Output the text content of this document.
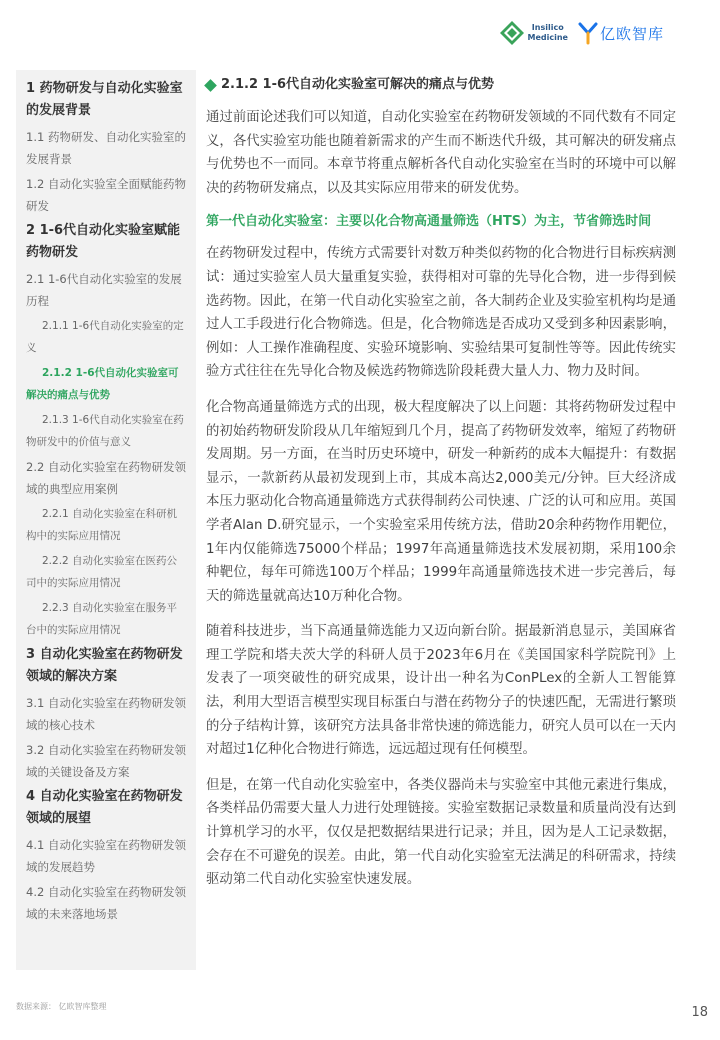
Insilico
Medicine 亿欧智库
1 药物研发与自动化实验室的发展背景
1.1 药物研发、自动化实验室的发展背景
1.2 自动化实验室全面赋能药物研发
2 1-6代自动化实验室赋能药物研发
2.1 1-6代自动化实验室的发展历程
2.1.1 1-6代自动化实验室的定义
2.1.2 1-6代自动化实验室可解决的痛点与优势
2.1.3 1-6代自动化实验室在药物研发中的价值与意义
2.2 自动化实验室在药物研发领域的典型应用案例
2.2.1 自动化实验室在科研机构中的实际应用情况
2.2.2 自动化实验室在医药公司中的实际应用情况
2.2.3 自动化实验室在服务平台中的实际应用情况
3 自动化实验室在药物研发领域的解决方案
3.1 自动化实验室在药物研发领域的核心技术
3.2 自动化实验室在药物研发领域的关键设备及方案
4 自动化实验室在药物研发领域的展望
4.1 自动化实验室在药物研发领域的发展趋势
4.2 自动化实验室在药物研发领域的未来落地场景
2.1.2 1-6代自动化实验室可解决的痛点与优势

通过前面论述我们可以知道，自动化实验室在药物研发领域的不同代数有不同定义，各代实验室功能也随着新需求的产生而不断迭代升级，其可解决的研发痛点与优势也不一而同。本章节将重点解析各代自动化实验室在当时的环境中可以解决的药物研发痛点，以及其实际应用带来的研发优势。

第一代自动化实验室：主要以化合物高通量筛选（HTS）为主，节省筛选时间

在药物研发过程中，传统方式需要针对数万种类似药物的化合物进行目标疾病测试：通过实验室人员大量重复实验，获得相对可靠的先导化合物，进一步得到候选药物。因此，在第一代自动化实验室之前，各大制药企业及实验室机构均是通过人工手段进行化合物筛选。但是，化合物筛选是否成功又受到多种因素影响，例如：人工操作准确程度、实验环境影响、实验结果可复制性等等。因此传统实验方式往往在先导化合物及候选药物筛选阶段耗费大量人力、物力及时间。

化合物高通量筛选方式的出现，极大程度解决了以上问题：其将药物研发过程中的初始药物研发阶段从几年缩短到几个月，提高了药物研发效率，缩短了药物研发周期。另一方面，在当时历史环境中，研发一种新药的成本大幅提升：有数据显示，一款新药从最初发现到上市，其成本高达2,000美元/分钟。巨大经济成本压力驱动化合物高通量筛选方式获得制药公司快速、广泛的认可和应用。英国学者Alan D.研究显示，一个实验室采用传统方法，借助20余种药物作用靶位，1年内仅能筛选75000个样品；1997年高通量筛选技术发展初期，采用100余种靶位，每年可筛选100万个样品；1999年高通量筛选技术进一步完善后，每天的筛选量就高达10万种化合物。

随着科技进步，当下高通量筛选能力又迈向新台阶。据最新消息显示，美国麻省理工学院和塔夫茨大学的科研人员于2023年6月在《美国国家科学院院刊》上发表了一项突破性的研究成果，设计出一种名为ConPLex的全新人工智能算法，利用大型语言模型实现目标蛋白与潜在药物分子的快速匹配，无需进行繁琐的分子结构计算，该研究方法具备非常快速的筛选能力，研究人员可以在一天内对超过1亿种化合物进行筛选，远远超过现有任何模型。

但是，在第一代自动化实验室中，各类仪器尚未与实验室中其他元素进行集成，各类样品仍需要大量人力进行处理链接。实验室数据记录数量和质量尚没有达到计算机学习的水平，仅仅是把数据结果进行记录；并且，因为是人工记录数据，会存在不可避免的误差。由此，第一代自动化实验室无法满足的科研需求，持续驱动第二代自动化实验室快速发展。

数据来源： 亿欧智库整理	18
